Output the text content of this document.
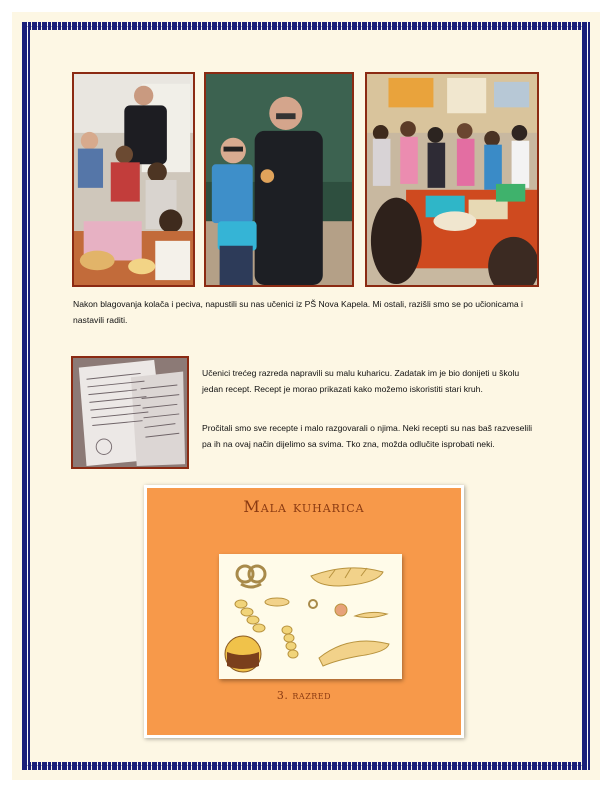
Nakon blagovanja kolača i peciva, napustili su nas učenici iz PŠ Nova Kapela. Mi ostali, razišli smo se po učionicama i nastavili raditi.

Učenici trećeg razreda napravili su malu kuharicu. Zadatak im je bio donijeti u školu jedan recept. Recept je morao prikazati kako možemo iskoristiti stari kruh.

Pročitali smo sve recepte i malo razgovarali o njima. Neki recepti su nas baš razveselili pa ih na ovaj način dijelimo sa svima. Tko zna, možda odlučite isprobati neki.

Mala kuharica
3. razred
